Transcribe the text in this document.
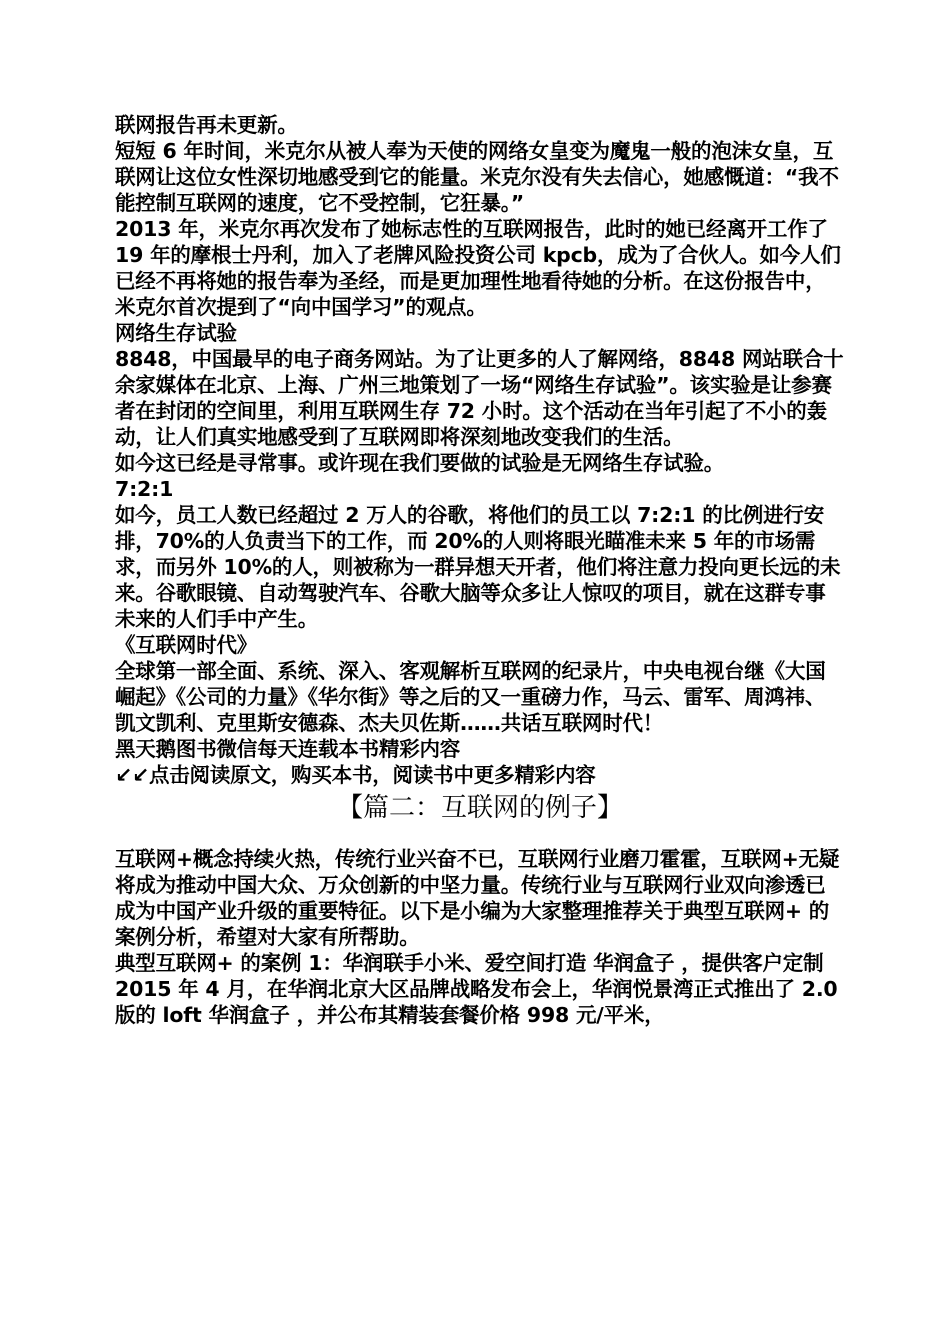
联网报告再未更新。

短短 6 年时间，米克尔从被人奉为天使的网络女皇变为魔鬼一般的泡沫女皇，互联网让这位女性深切地感受到它的能量。米克尔没有失去信心，她感慨道：“我不能控制互联网的速度，它不受控制，它狂暴。”

2013 年，米克尔再次发布了她标志性的互联网报告，此时的她已经离开工作了 19 年的摩根士丹利，加入了老牌风险投资公司 kpcb，成为了合伙人。如今人们已经不再将她的报告奉为圣经，而是更加理性地看待她的分析。在这份报告中，米克尔首次提到了“向中国学习”的观点。

网络生存试验

8848，中国最早的电子商务网站。为了让更多的人了解网络，8848 网站联合十余家媒体在北京、上海、广州三地策划了一场“网络生存试验”。该实验是让参赛者在封闭的空间里，利用互联网生存 72 小时。这个活动在当年引起了不小的轰动，让人们真实地感受到了互联网即将深刻地改变我们的生活。

如今这已经是寻常事。或许现在我们要做的试验是无网络生存试验。

7:2:1

如今，员工人数已经超过 2 万人的谷歌，将他们的员工以 7:2:1 的比例进行安排，70%的人负责当下的工作，而 20%的人则将眼光瞄准未来 5 年的市场需求，而另外 10%的人，则被称为一群异想天开者，他们将注意力投向更长远的未来。谷歌眼镜、自动驾驶汽车、谷歌大脑等众多让人惊叹的项目，就在这群专事未来的人们手中产生。

《互联网时代》

全球第一部全面、系统、深入、客观解析互联网的纪录片，中央电视台继《大国崛起》《公司的力量》《华尔街》等之后的又一重磅力作，马云、雷军、周鸿祎、凯文凯利、克里斯安德森、杰夫贝佐斯……共话互联网时代！

黑天鹅图书微信每天连载本书精彩内容

↙↙点击阅读原文，购买本书，阅读书中更多精彩内容

【篇二：互联网的例子】

互联网+概念持续火热，传统行业兴奋不已，互联网行业磨刀霍霍，互联网+无疑将成为推动中国大众、万众创新的中坚力量。传统行业与互联网行业双向渗透已成为中国产业升级的重要特征。以下是小编为大家整理推荐关于典型互联网+ 的案例分析，希望对大家有所帮助。

典型互联网+ 的案例 1：华润联手小米、爱空间打造 华润盒子 ，提供客户定制

2015 年 4 月，在华润北京大区品牌战略发布会上，华润悦景湾正式推出了 2.0 版的 loft 华润盒子 ，并公布其精装套餐价格 998 元/平米，
